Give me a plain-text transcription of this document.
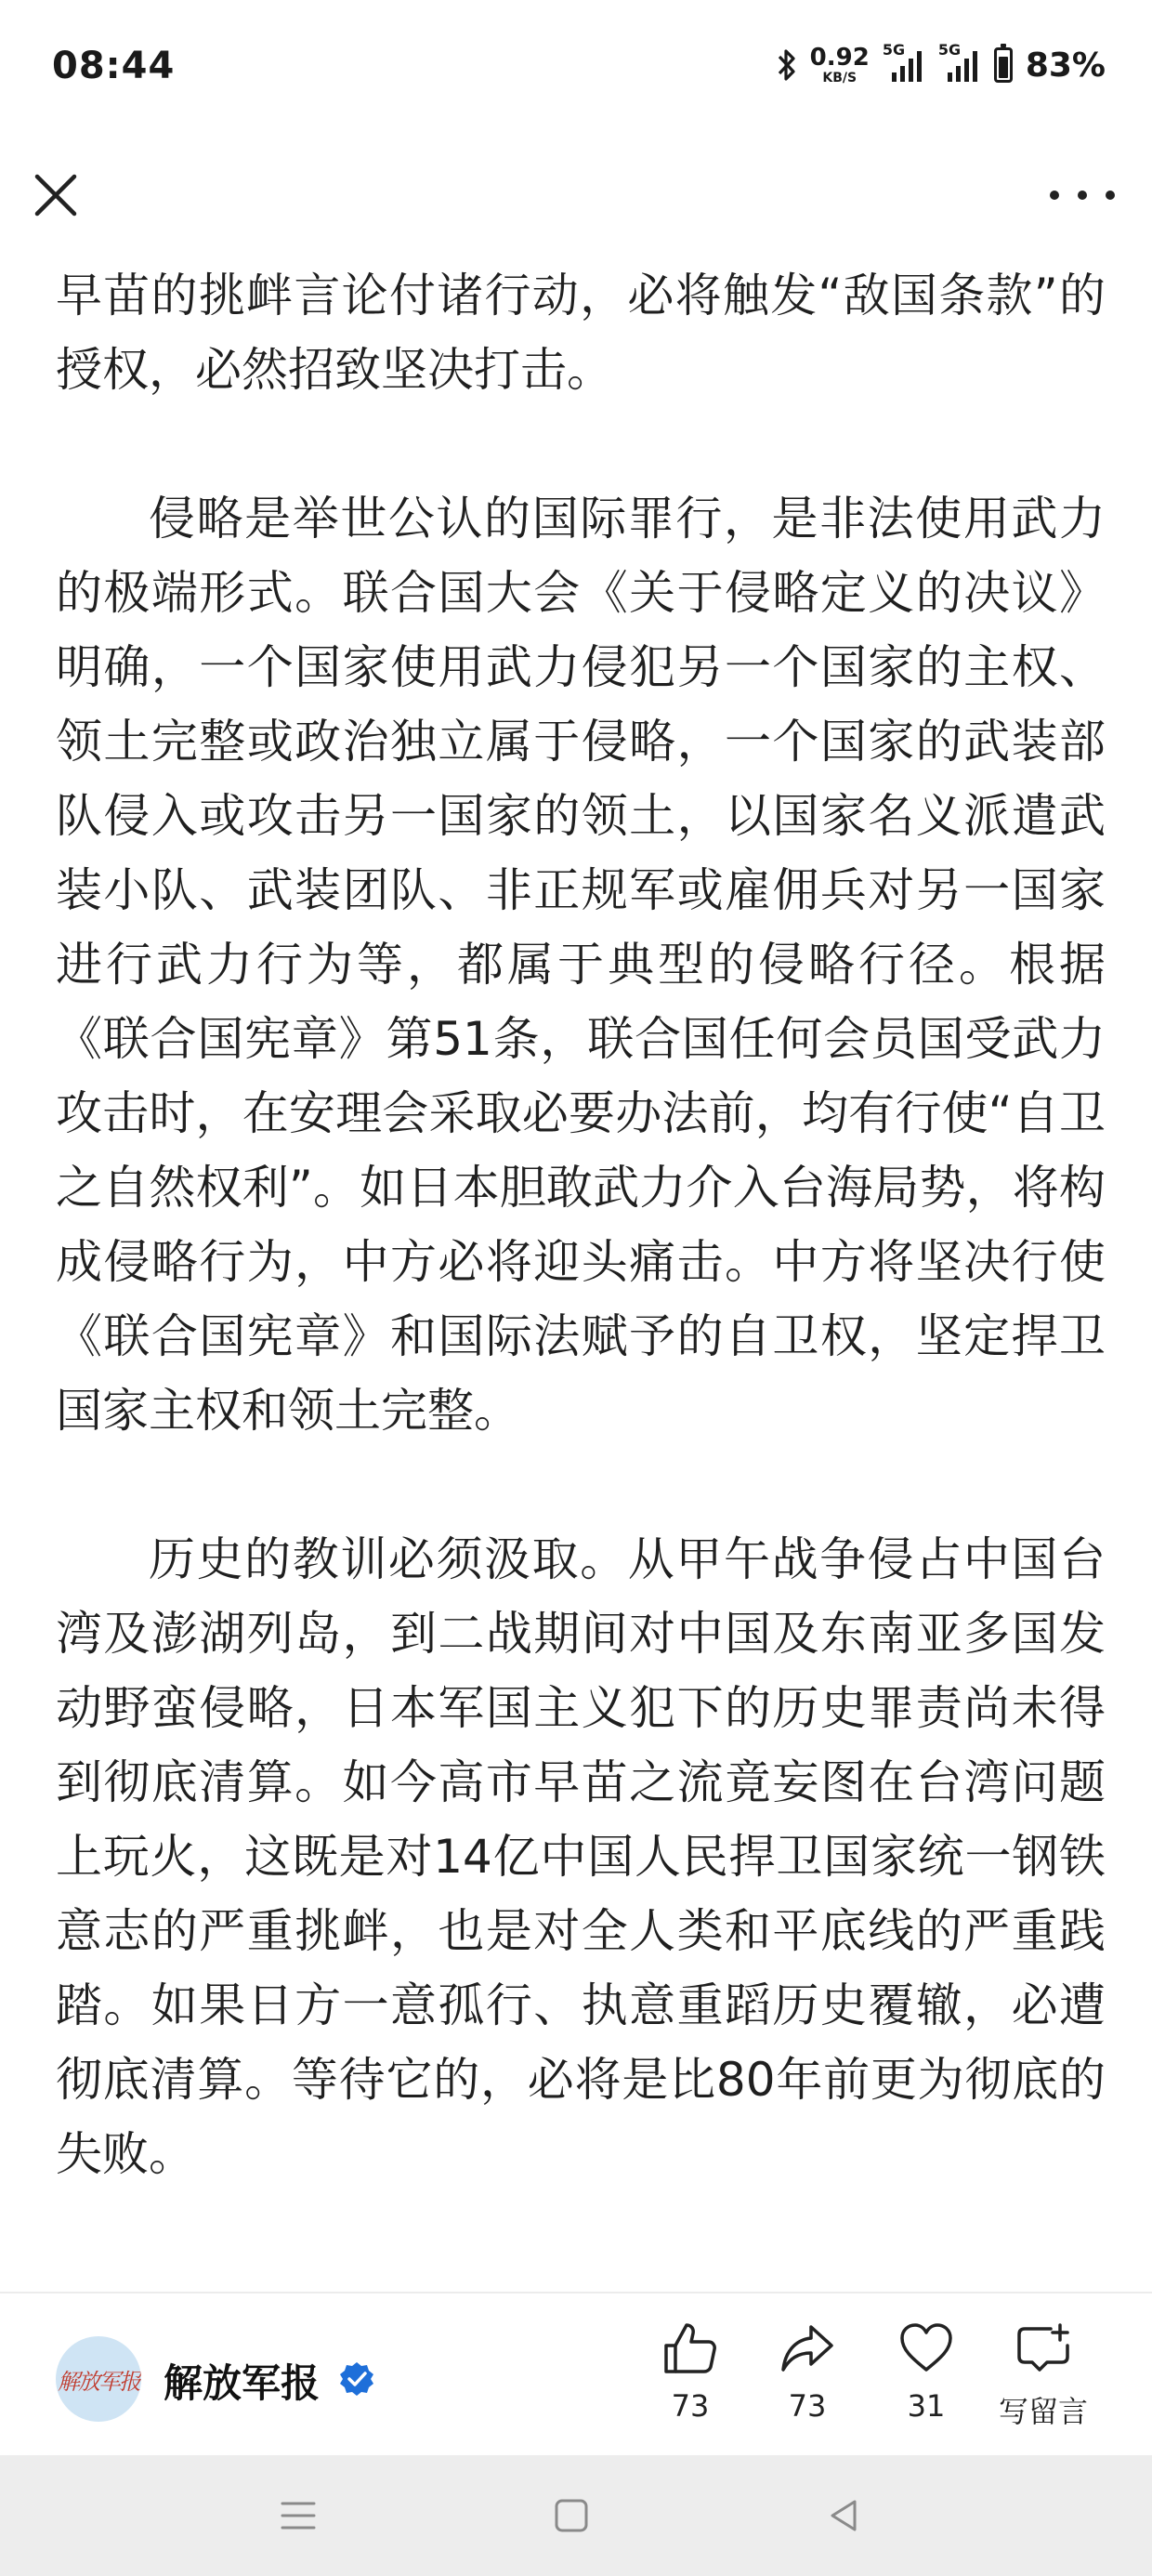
08:44	0.92
KB/S
5G 5G 83%

早苗的挑衅言论付诸行动，必将触发“敌国条款”的授权，必然招致坚决打击。

侵略是举世公认的国际罪行，是非法使用武力的极端形式。联合国大会《关于侵略定义的决议》明确，一个国家使用武力侵犯另一个国家的主权、领土完整或政治独立属于侵略，一个国家的武装部队侵入或攻击另一国家的领土，以国家名义派遣武装小队、武装团队、非正规军或雇佣兵对另一国家进行武力行为等，都属于典型的侵略行径。根据《联合国宪章》第51条，联合国任何会员国受武力攻击时，在安理会采取必要办法前，均有行使“自卫之自然权利”。如日本胆敢武力介入台海局势，将构成侵略行为，中方必将迎头痛击。中方将坚决行使《联合国宪章》和国际法赋予的自卫权，坚定捍卫国家主权和领土完整。

历史的教训必须汲取。从甲午战争侵占中国台湾及澎湖列岛，到二战期间对中国及东南亚多国发动野蛮侵略，日本军国主义犯下的历史罪责尚未得到彻底清算。如今高市早苗之流竟妄图在台湾问题上玩火，这既是对14亿中国人民捍卫国家统一钢铁意志的严重挑衅，也是对全人类和平底线的严重践踏。如果日方一意孤行、执意重蹈历史覆辙，必遭彻底清算。等待它的，必将是比80年前更为彻底的失败。

解放军报 解放军报	73	73	31	写留言
